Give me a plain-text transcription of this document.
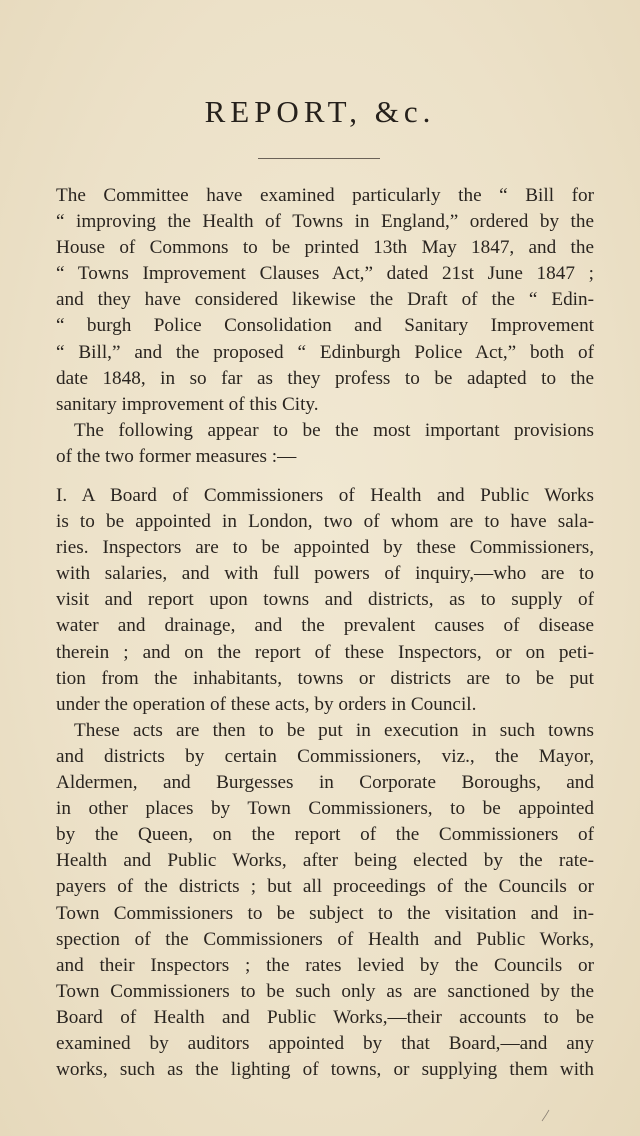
REPORT, &c.
The Committee have examined particularly the “ Bill for
“ improving the Health of Towns in England,” ordered by the
House of Commons to be printed 13th May 1847, and the
“ Towns Improvement Clauses Act,” dated 21st June 1847 ;
and they have considered likewise the Draft of the “ Edin-
“ burgh Police Consolidation and Sanitary Improvement
“ Bill,” and the proposed “ Edinburgh Police Act,” both of
date 1848, in so far as they profess to be adapted to the
sanitary improvement of this City.
The following appear to be the most important provisions
of the two former measures :—
I. A Board of Commissioners of Health and Public Works
is to be appointed in London, two of whom are to have sala-
ries. Inspectors are to be appointed by these Commissioners,
with salaries, and with full powers of inquiry,—who are to
visit and report upon towns and districts, as to supply of
water and drainage, and the prevalent causes of disease
therein ; and on the report of these Inspectors, or on peti-
tion from the inhabitants, towns or districts are to be put
under the operation of these acts, by orders in Council.
These acts are then to be put in execution in such towns
and districts by certain Commissioners, viz., the Mayor,
Aldermen, and Burgesses in Corporate Boroughs, and
in other places by Town Commissioners, to be appointed
by the Queen, on the report of the Commissioners of
Health and Public Works, after being elected by the rate-
payers of the districts ; but all proceedings of the Councils or
Town Commissioners to be subject to the visitation and in-
spection of the Commissioners of Health and Public Works,
and their Inspectors ; the rates levied by the Councils or
Town Commissioners to be such only as are sanctioned by the
Board of Health and Public Works,—their accounts to be
examined by auditors appointed by that Board,—and any
works, such as the lighting of towns, or supplying them with
